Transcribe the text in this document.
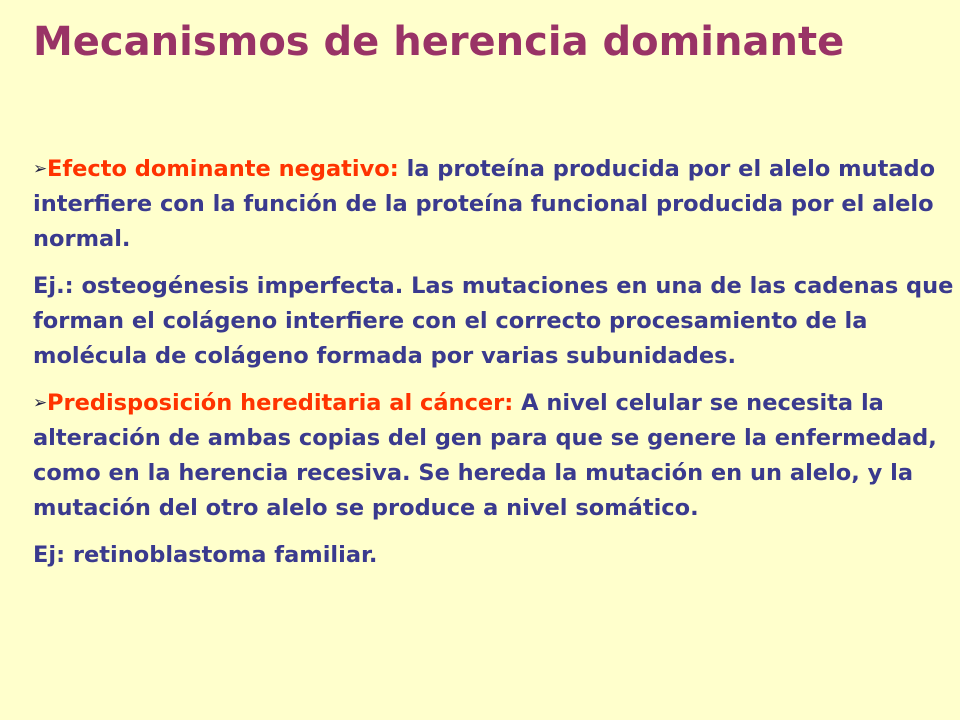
Mecanismos de herencia dominante

➢Efecto dominante negativo: la proteína producida por el alelo mutado interfiere con la función de la proteína funcional producida por el alelo normal.

Ej.: osteogénesis imperfecta. Las mutaciones en una de las cadenas que forman el colágeno interfiere con el correcto procesamiento de la molécula de colágeno formada por varias subunidades.

➢Predisposición hereditaria al cáncer: A nivel celular se necesita la alteración de ambas copias del gen para que se genere la enfermedad, como en la herencia recesiva. Se hereda la mutación en un alelo, y la mutación del otro alelo se produce a nivel somático.

Ej: retinoblastoma familiar.
